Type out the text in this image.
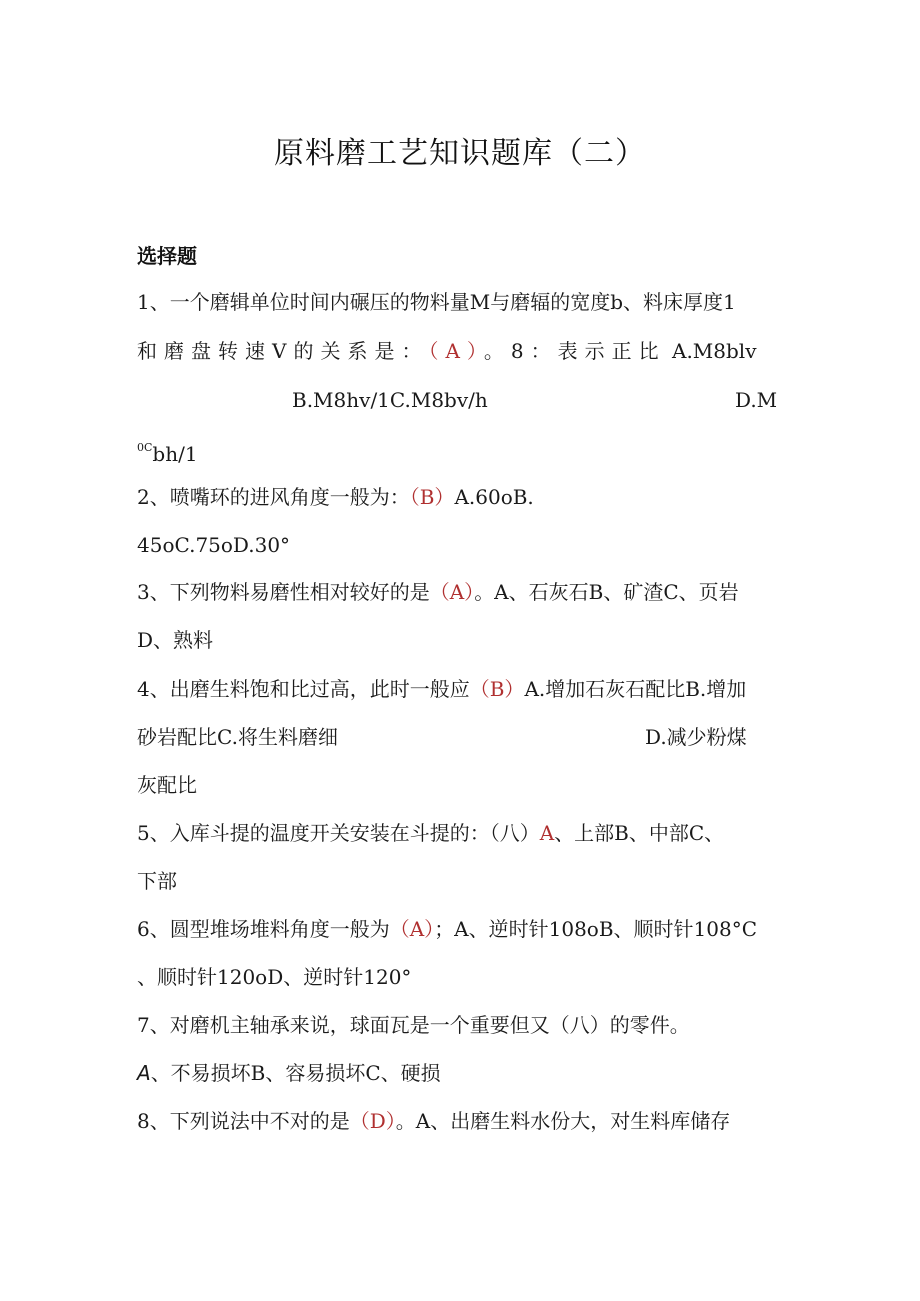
原料磨工艺知识题库（二）
选择题
1、一个磨辑单位时间内碾压的物料量M与磨辐的宽度b、料床厚度1
和磨盘转速V的关系是：（A）。8：表示正比 A.M8blv
B.M8hv/1C.M8bv/h	D.M
$^{0C}$bh/1
2、喷嘴环的进风角度一般为：（B）A.60oB.
45oC.75oD.30°
3、下列物料易磨性相对较好的是（A）。A、石灰石B、矿渣C、页岩
D、熟料
4、出磨生料饱和比过高，此时一般应（B）A.增加石灰石配比B.增加
砂岩配比C.将生料磨细	D.减少粉煤
灰配比
5、入库斗提的温度开关安装在斗提的：（八）A、上部B、中部C、
下部
6、圆型堆场堆料角度一般为（A）；A、逆时针108oB、顺时针108°C
、顺时针120oD、逆时针120°
7、对磨机主轴承来说，球面瓦是一个重要但又（八）的零件。
A、不易损坏B、容易损坏C、硬损
8、下列说法中不对的是（D）。A、出磨生料水份大，对生料库储存
